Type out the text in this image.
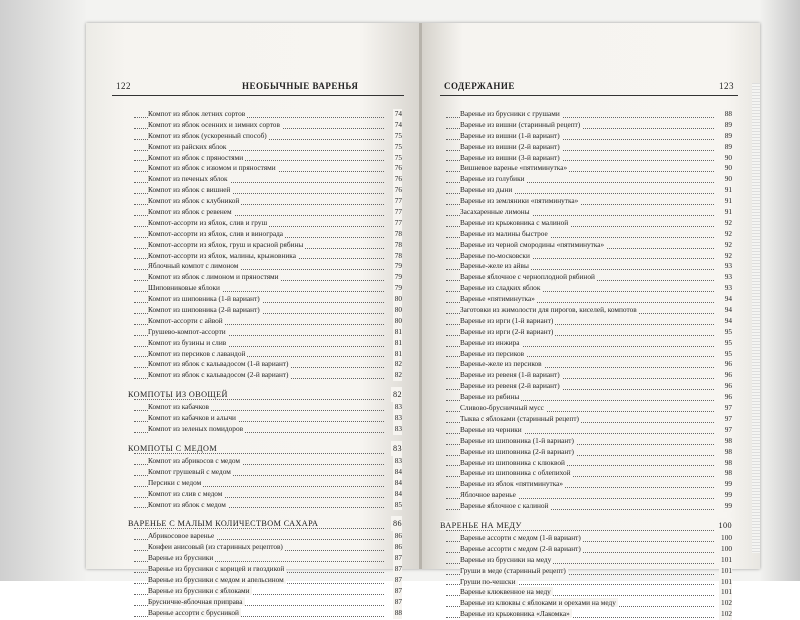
122	НЕОБЫЧНЫЕ ВАРЕНЬЯ
Компот из яблок летних сортов	74
Компот из яблок осенних и зимних сортов	74
Компот из яблок (ускоренный способ)	75
Компот из райских яблок	75
Компот из яблок с пряностями	75
Компот из яблок с изюмом и пряностями	76
Компот из печеных яблок	76
Компот из яблок с вишней	76
Компот из яблок с клубникой	77
Компот из яблок с ревенем	77
Компот-ассорти из яблок, слив и груш	77
Компот-ассорти из яблок, слив и винограда	78
Компот-ассорти из яблок, груш и красной рябины	78
Компот-ассорти из яблок, малины, крыжовника	78
Яблочный компот с лимоном	79
Компот из яблок с лимоном и пряностями	79
Шиповниковые яблоки	79
Компот из шиповника (1-й вариант)	80
Компот из шиповника (2-й вариант)	80
Компот-ассорти с айвой	80
Грушево-компот-ассорти	81
Компот из бузины и слив	81
Компот из персиков с лавандой	81
Компот из яблок с кальвадосом (1-й вариант)	82
Компот из яблок с кальвадосом (2-й вариант)	82
КОМПОТЫ ИЗ ОВОЩЕЙ	82
Компот из кабачков	83
Компот из кабачков и алычи	83
Компот из зеленых помидоров	83
КОМПОТЫ С МЕДОМ	83
Компот из абрикосов с медом	83
Компот грушевый с медом	84
Персики с медом	84
Компот из слив с медом	84
Компот из яблок с медом	85
ВАРЕНЬЕ С МАЛЫМ КОЛИЧЕСТВОМ САХАРА	86
Абрикосовое варенье	86
Конфеи анисовый (из старинных рецептов)	86
Варенье из брусники	87
Варенье из брусники с корицей и гвоздикой	87
Варенье из брусники с медом и апельсином	87
Варенье из брусники с яблоками	87
Брусничне-яблочная приправа	87
Варенье ассорти с брусникой	88
СОДЕРЖАНИЕ	123
Варенье из брусники с грушами	88
Варенье из вишни (старинный рецепт)	89
Варенье из вишни (1-й вариант)	89
Варенье из вишни (2-й вариант)	89
Варенье из вишни (3-й вариант)	90
Вишневое варенье «пятиминутка»	90
Варенье из голубики	90
Варенье из дыни	91
Варенье из земляники «пятиминутка»	91
Засахаренные лимоны	91
Варенье из крыжовника с малиной	92
Варенье из малины быстрое	92
Варенье из черной смородины «пятиминутка»	92
Варенье по-московски	92
Варенье-желе из айвы	93
Варенье яблочное с черноплодной рябиной	93
Варенье из сладких яблок	93
Варенье «пятиминутка»	94
Заготовки из жимолости для пирогов, киселей, компотов	94
Варенье из ирги (1-й вариант)	94
Варенье из ирги (2-й вариант)	95
Варенье из инжира	95
Варенье из персиков	95
Варенье-желе из персиков	96
Варенье из ревеня (1-й вариант)	96
Варенье из ревеня (2-й вариант)	96
Варенье из рябины	96
Сливово-брусничный мусс	97
Тыква с яблоками (старинный рецепт)	97
Варенье из черники	97
Варенье из шиповника (1-й вариант)	98
Варенье из шиповника (2-й вариант)	98
Варенье из шиповника с клюквой	98
Варенье из шиповника с облепихой	98
Варенье из яблок «пятиминутка»	99
Яблочное варенье	99
Варенье яблочное с калиной	99
ВАРЕНЬЕ НА МЕДУ	100
Варенье ассорти с медом (1-й вариант)	100
Варенье ассорти с медом (2-й вариант)	100
Варенье из брусники на меду	101
Груши в меде (старинный рецепт)	101
Груши по-чешски	101
Варенье клюквенное на меду	101
Варенье из клюквы с яблоками и орехами на меду	102
Варенье из крыжовника «Лакомка»	102
